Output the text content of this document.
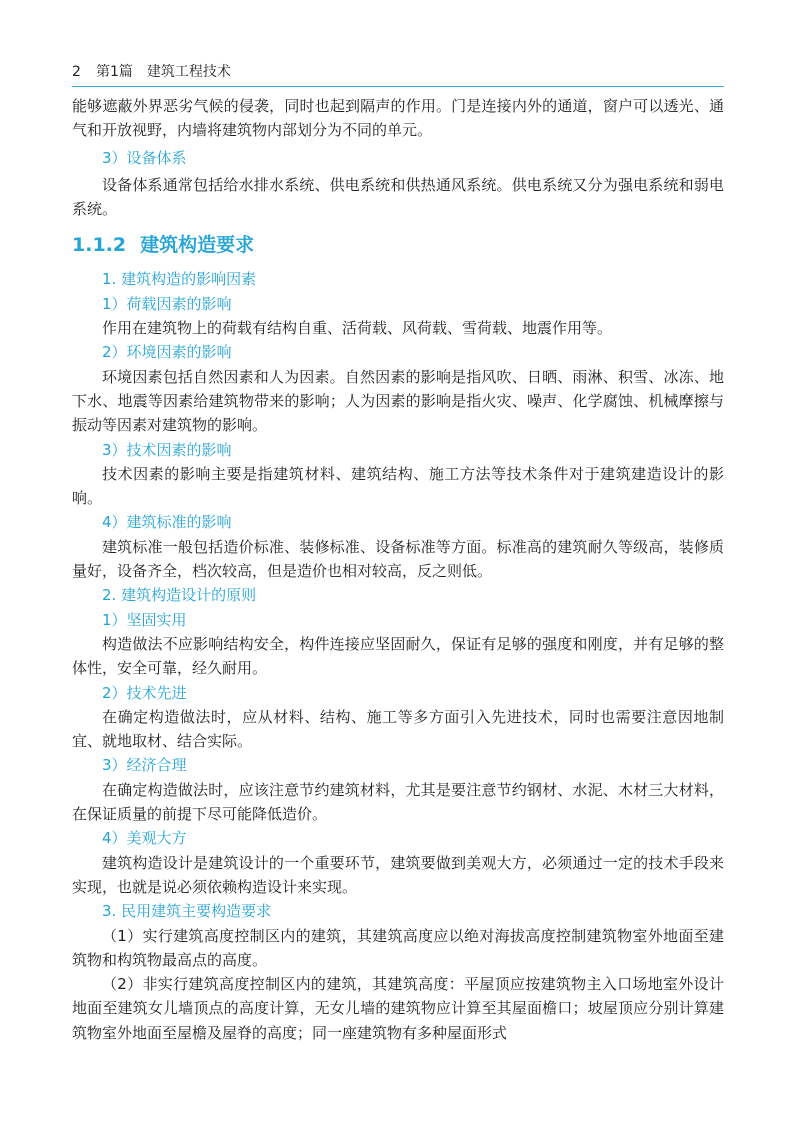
2 第1篇 建筑工程技术
能够遮蔽外界恶劣气候的侵袭，同时也起到隔声的作用。门是连接内外的通道，窗户可以透光、通气和开放视野，内墙将建筑物内部划分为不同的单元。
3）设备体系
设备体系通常包括给水排水系统、供电系统和供热通风系统。供电系统又分为强电系统和弱电系统。
1.1.2 建筑构造要求
1. 建筑构造的影响因素
1）荷载因素的影响
作用在建筑物上的荷载有结构自重、活荷载、风荷载、雪荷载、地震作用等。
2）环境因素的影响
环境因素包括自然因素和人为因素。自然因素的影响是指风吹、日晒、雨淋、积雪、冰冻、地下水、地震等因素给建筑物带来的影响；人为因素的影响是指火灾、噪声、化学腐蚀、机械摩擦与振动等因素对建筑物的影响。
3）技术因素的影响
技术因素的影响主要是指建筑材料、建筑结构、施工方法等技术条件对于建筑建造设计的影响。
4）建筑标准的影响
建筑标准一般包括造价标准、装修标准、设备标准等方面。标准高的建筑耐久等级高，装修质量好，设备齐全，档次较高，但是造价也相对较高，反之则低。
2. 建筑构造设计的原则
1）坚固实用
构造做法不应影响结构安全，构件连接应坚固耐久，保证有足够的强度和刚度，并有足够的整体性，安全可靠，经久耐用。
2）技术先进
在确定构造做法时，应从材料、结构、施工等多方面引入先进技术，同时也需要注意因地制宜、就地取材、结合实际。
3）经济合理
在确定构造做法时，应该注意节约建筑材料，尤其是要注意节约钢材、水泥、木材三大材料，在保证质量的前提下尽可能降低造价。
4）美观大方
建筑构造设计是建筑设计的一个重要环节，建筑要做到美观大方，必须通过一定的技术手段来实现，也就是说必须依赖构造设计来实现。
3. 民用建筑主要构造要求
（1）实行建筑高度控制区内的建筑，其建筑高度应以绝对海拔高度控制建筑物室外地面至建筑物和构筑物最高点的高度。
（2）非实行建筑高度控制区内的建筑，其建筑高度：平屋顶应按建筑物主入口场地室外设计地面至建筑女儿墙顶点的高度计算，无女儿墙的建筑物应计算至其屋面檐口；坡屋顶应分别计算建筑物室外地面至屋檐及屋脊的高度；同一座建筑物有多种屋面形式
